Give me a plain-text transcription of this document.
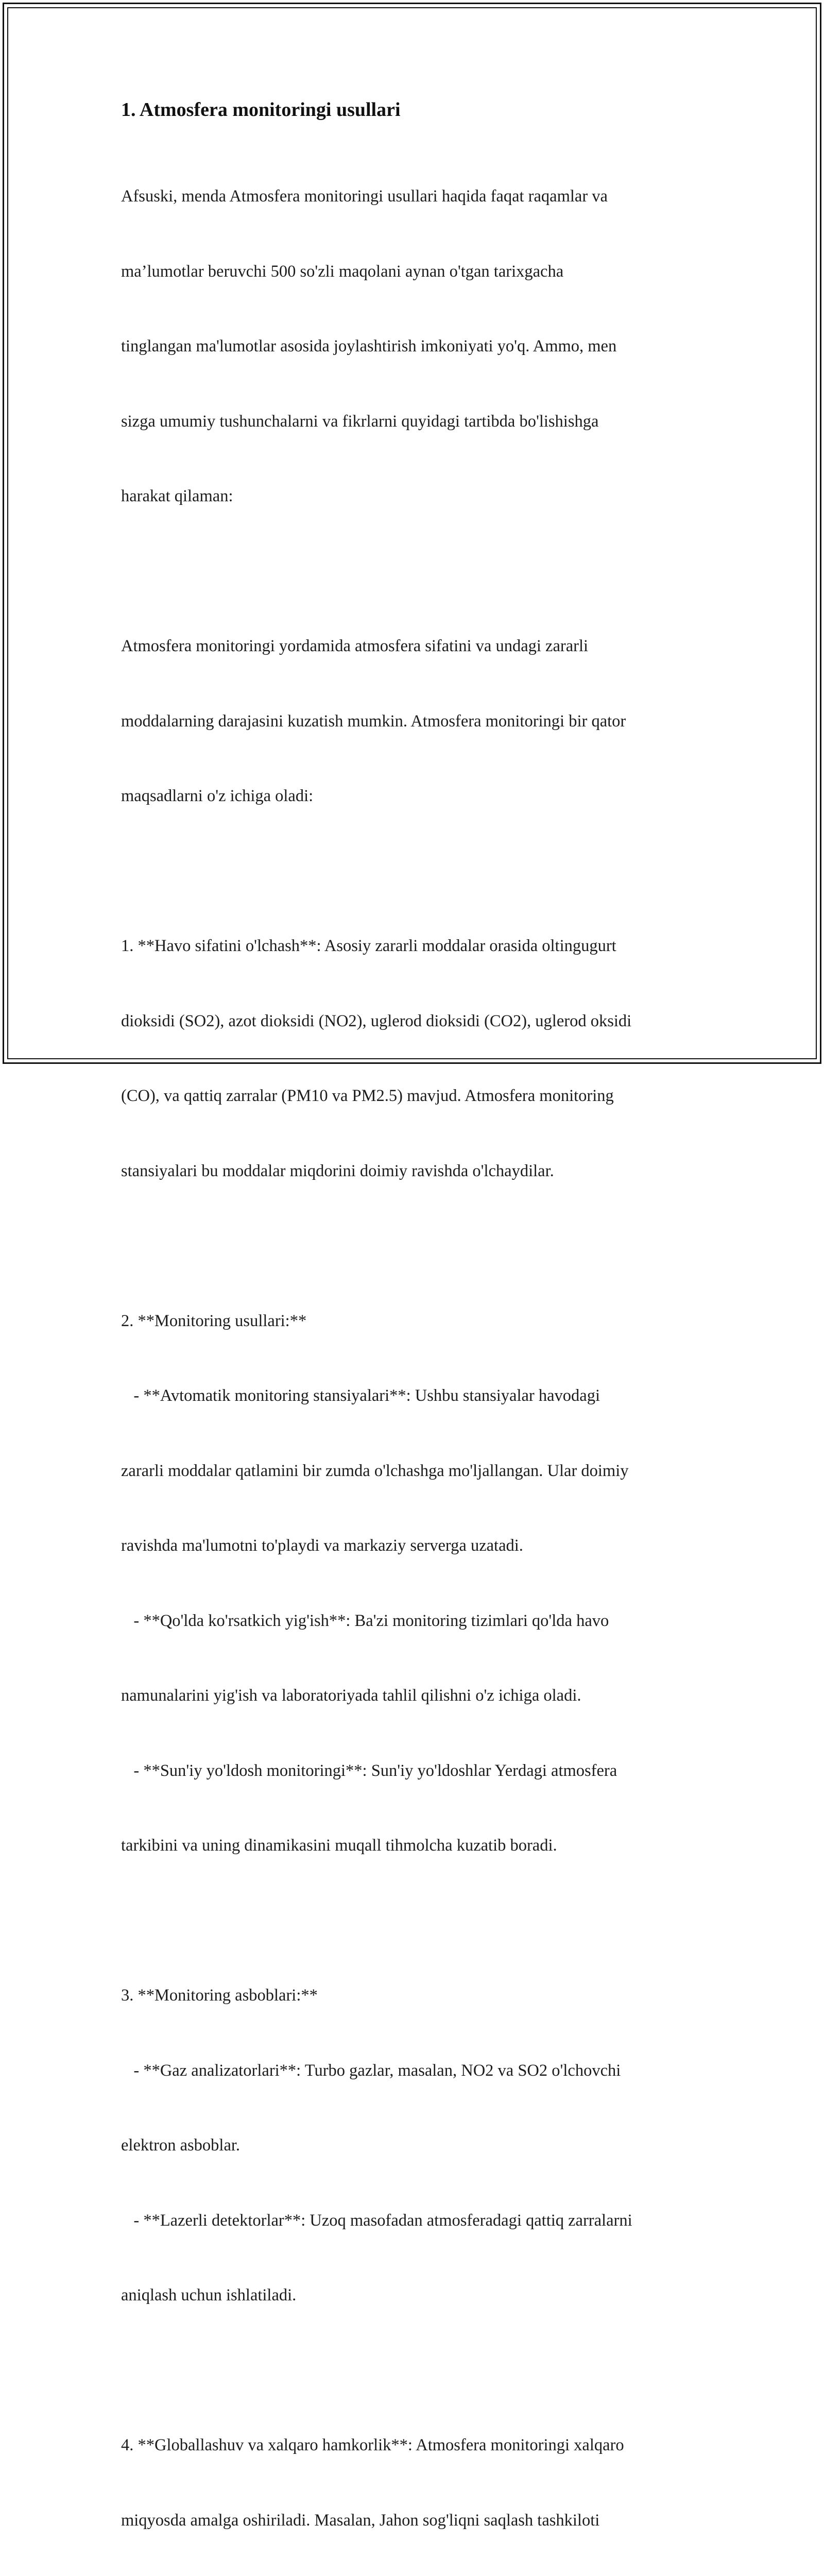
1. Atmosfera monitoringi usullari

Afsuski, menda Atmosfera monitoringi usullari haqida faqat raqamlar va

ma’lumotlar beruvchi 500 so'zli maqolani aynan o'tgan tarixgacha

tinglangan ma'lumotlar asosida joylashtirish imkoniyati yo'q. Ammo, men

sizga umumiy tushunchalarni va fikrlarni quyidagi tartibda bo'lishishga

harakat qilaman:

Atmosfera monitoringi yordamida atmosfera sifatini va undagi zararli

moddalarning darajasini kuzatish mumkin. Atmosfera monitoringi bir qator

maqsadlarni o'z ichiga oladi:

1. **Havo sifatini o'lchash**: Asosiy zararli moddalar orasida oltingugurt

dioksidi (SO2), azot dioksidi (NO2), uglerod dioksidi (CO2), uglerod oksidi

(CO), va qattiq zarralar (PM10 va PM2.5) mavjud. Atmosfera monitoring

stansiyalari bu moddalar miqdorini doimiy ravishda o'lchaydilar.

2. **Monitoring usullari:**

- **Avtomatik monitoring stansiyalari**: Ushbu stansiyalar havodagi

zararli moddalar qatlamini bir zumda o'lchashga mo'ljallangan. Ular doimiy

ravishda ma'lumotni to'playdi va markaziy serverga uzatadi.

- **Qo'lda ko'rsatkich yig'ish**: Ba'zi monitoring tizimlari qo'lda havo

namunalarini yig'ish va laboratoriyada tahlil qilishni o'z ichiga oladi.

- **Sun'iy yo'ldosh monitoringi**: Sun'iy yo'ldoshlar Yerdagi atmosfera

tarkibini va uning dinamikasini muqall tihmolcha kuzatib boradi.

3. **Monitoring asboblari:**

- **Gaz analizatorlari**: Turbo gazlar, masalan, NO2 va SO2 o'lchovchi

elektron asboblar.

- **Lazerli detektorlar**: Uzoq masofadan atmosferadagi qattiq zarralarni

aniqlash uchun ishlatiladi.

4. **Globallashuv va xalqaro hamkorlik**: Atmosfera monitoringi xalqaro

miqyosda amalga oshiriladi. Masalan, Jahon sog'liqni saqlash tashkiloti
